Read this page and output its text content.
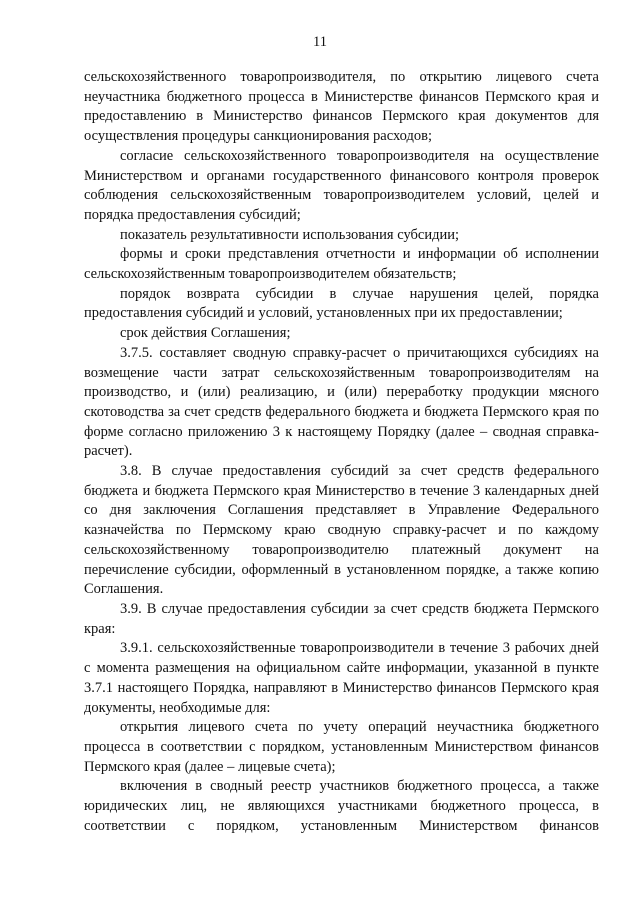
11

сельскохозяйственного товаропроизводителя, по открытию лицевого счета неучастника бюджетного процесса в Министерстве финансов Пермского края и предоставлению в Министерство финансов Пермского края документов для осуществления процедуры санкционирования расходов;

согласие сельскохозяйственного товаропроизводителя на осуществление Министерством и органами государственного финансового контроля проверок соблюдения сельскохозяйственным товаропроизводителем условий, целей и порядка предоставления субсидий;

показатель результативности использования субсидии;

формы и сроки представления отчетности и информации об исполнении сельскохозяйственным товаропроизводителем обязательств;

порядок возврата субсидии в случае нарушения целей, порядка предоставления субсидий и условий, установленных при их предоставлении;

срок действия Соглашения;

3.7.5. составляет сводную справку-расчет о причитающихся субсидиях на возмещение части затрат сельскохозяйственным товаропроизводителям на производство, и (или) реализацию, и (или) переработку продукции мясного скотоводства за счет средств федерального бюджета и бюджета Пермского края по форме согласно приложению 3 к настоящему Порядку (далее – сводная справка-расчет).

3.8. В случае предоставления субсидий за счет средств федерального бюджета и бюджета Пермского края Министерство в течение 3 календарных дней со дня заключения Соглашения представляет в Управление Федерального казначейства по Пермскому краю сводную справку-расчет и по каждому сельскохозяйственному товаропроизводителю платежный документ на перечисление субсидии, оформленный в установленном порядке, а также копию Соглашения.

3.9. В случае предоставления субсидии за счет средств бюджета Пермского края:

3.9.1. сельскохозяйственные товаропроизводители в течение 3 рабочих дней с момента размещения на официальном сайте информации, указанной в пункте 3.7.1 настоящего Порядка, направляют в Министерство финансов Пермского края документы, необходимые для:

открытия лицевого счета по учету операций неучастника бюджетного процесса в соответствии с порядком, установленным Министерством финансов Пермского края (далее – лицевые счета);

включения в сводный реестр участников бюджетного процесса, а также юридических лиц, не являющихся участниками бюджетного процесса, в соответствии с порядком, установленным Министерством финансов
